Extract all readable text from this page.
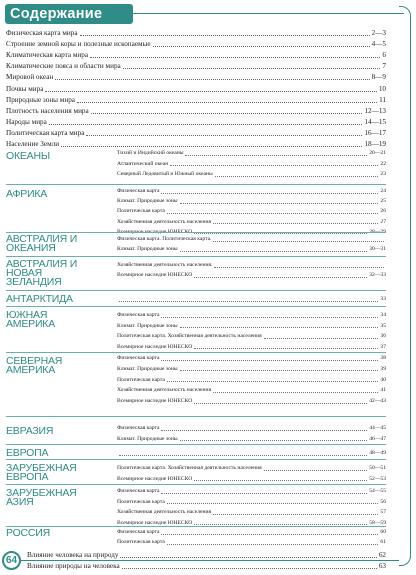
Содержание
Физическая карта мира	2—3
Строение земной коры и полезные ископаемые	4—5
Климатическая карта мира	6
Климатические пояса и области мира	7
Мировой океан	8—9
Почвы мира	10
Природные зоны мира	11
Плотность населения мира	12—13
Народы мира	14—15
Политическая карта мира	16—17
Население Земли	18—19
ОКЕАНЫ	Тихий и Индийский океаны	20—21
Атлантический океан	22
Северный Ледовитый и Южный океаны	23
АФРИКА	Физическая карта	24
Климат. Природные зоны	25
Политическая карта	26
Хозяйственная деятельность населения	27
Всемирное наследие ЮНЕСКО	28—29
АВСТРАЛИЯ И
ОКЕАНИЯ
Физическая карта. Политическая карта.
Климат. Природные зоны	30—31
АВСТРАЛИЯ И
НОВАЯ
ЗЕЛАНДИЯ
Хозяйственная деятельность населения.
Всемирное наследие ЮНЕСКО	32—33
АНТАРКТИДА	33
ЮЖНАЯ
АМЕРИКА
Физическая карта	34
Климат. Природные зоны	35
Политическая карта. Хозяйственная деятельность населения	36
Всемирное наследие ЮНЕСКО	37
СЕВЕРНАЯ
АМЕРИКА
Физическая карта	38
Климат. Природные зоны	39
Политическая карта	40
Хозяйственная деятельность населения	41
Всемирное наследие ЮНЕСКО	42—43
ЕВРАЗИЯ	Физическая карта	44—45
Климат. Природные зоны	46—47
ЕВРОПА	48—49
ЗАРУБЕЖНАЯ
ЕВРОПА
Политическая карта. Хозяйственная деятельность населения	50—51
Всемирное наследие ЮНЕСКО	52—53
ЗАРУБЕЖНАЯ
АЗИЯ
Физическая карта	54—55
Политическая карта	56
Хозяйственная деятельность населения	57
Всемирное наследие ЮНЕСКО	58—59
РОССИЯ	Физическая карта	60
Политическая карта	61
Влияние человека на природу	62
Влияние природы на человека	63
64
